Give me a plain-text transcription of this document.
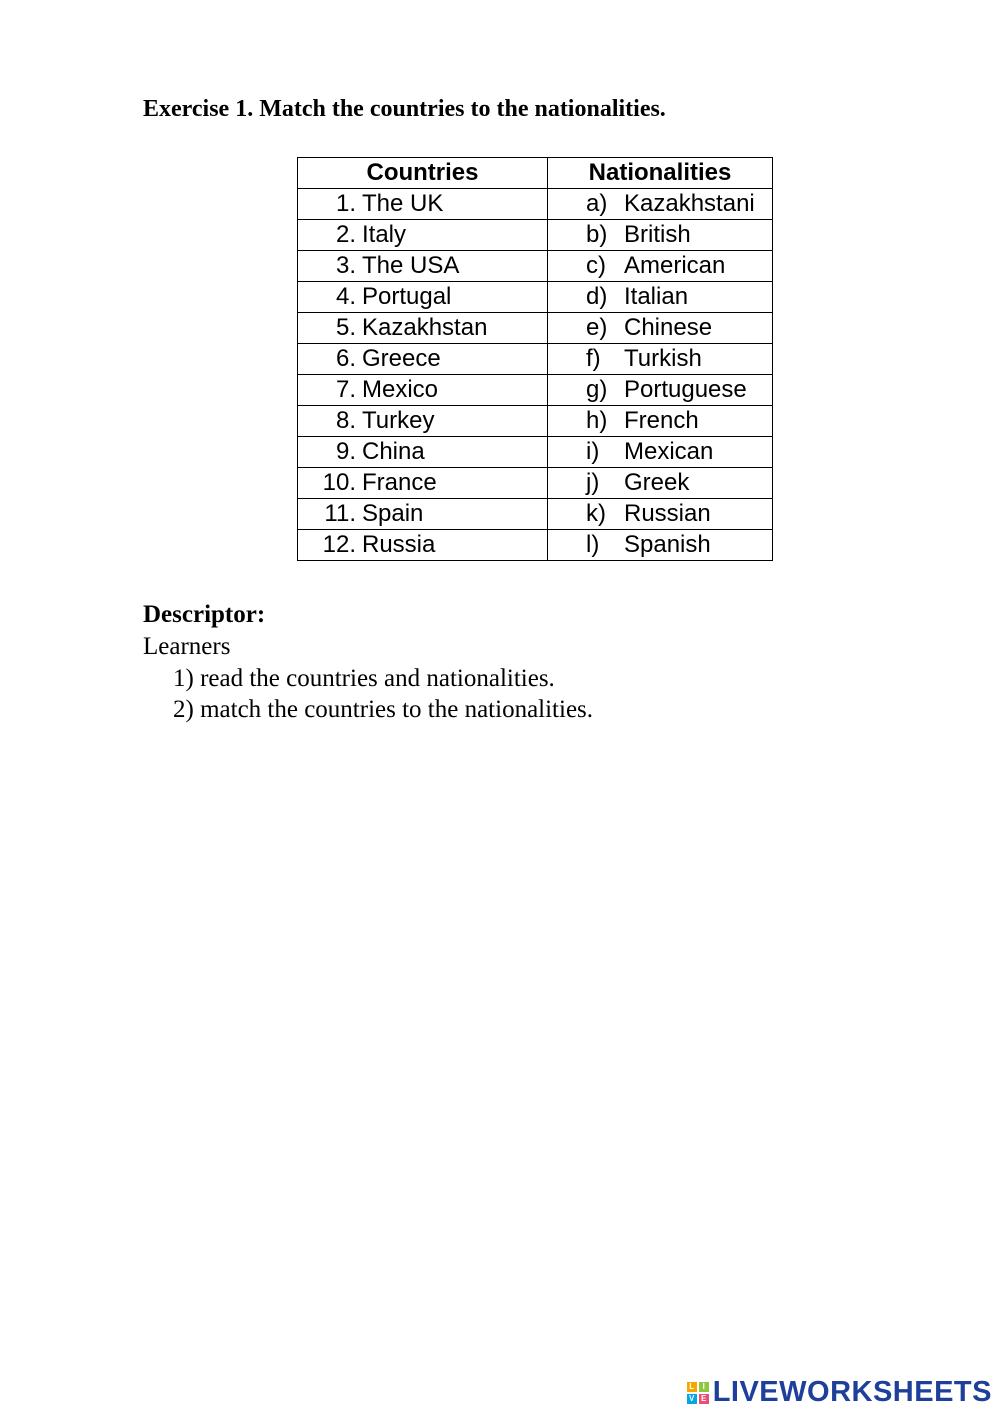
Exercise 1. Match the countries to the nationalities.
Countries	Nationalities
1. The UK	a) Kazakhstani
2. Italy	b) British
3. The USA	c) American
4. Portugal	d) Italian
5. Kazakhstan	e) Chinese
6. Greece	f) Turkish
7. Mexico	g) Portuguese
8. Turkey	h) French
9. China	i) Mexican
10. France	j) Greek
11. Spain	k) Russian
12. Russia	l) Spanish
Descriptor:
Learners
1) read the countries and nationalities.
2) match the countries to the nationalities.
L	I
V E LIVEWORKSHEETS
